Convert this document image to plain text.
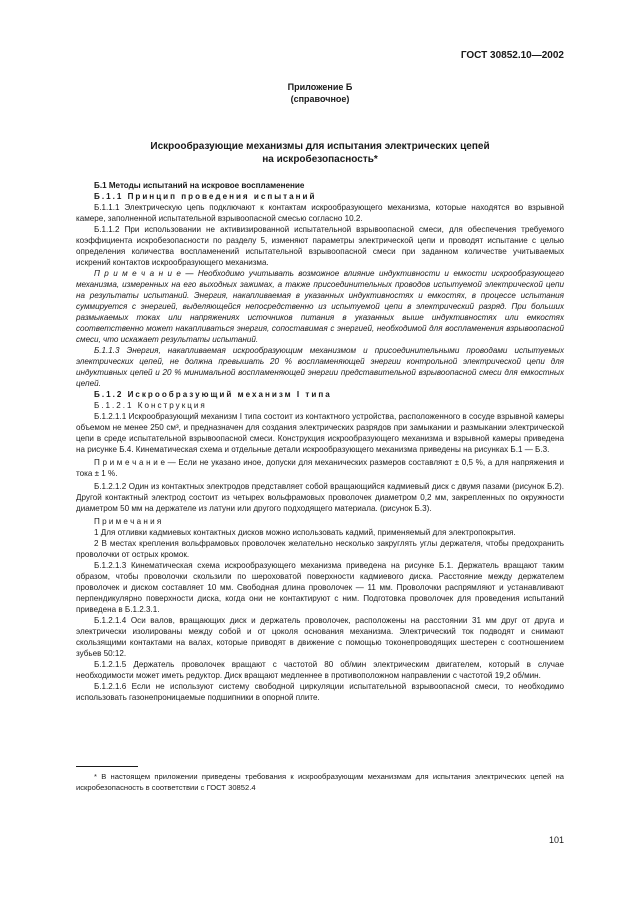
ГОСТ 30852.10—2002
Приложение Б
(справочное)
Искрообразующие механизмы для испытания электрических цепей
на искробезопасность*

Б.1 Методы испытаний на искровое воспламенение

Б.1.1 Принцип проведения испытаний

Б.1.1.1 Электрическую цепь подключают к контактам искрообразующего механизма, которые находятся во взрывной камере, заполненной испытательной взрывоопасной смесью согласно 10.2.

Б.1.1.2 При использовании не активизированной испытательной взрывоопасной смеси, для обеспечения требуемого коэффициента искробезопасности по разделу 5, изменяют параметры электрической цепи и проводят испытание с целью определения количества воспламенений испытательной взрывоопасной смеси при заданном количестве учитываемых искрений контактов искрообразующего механизма.

П р и м е ч а н и е — Необходимо учитывать возможное влияние индуктивности и емкости искрообразующего механизма, измеренных на его выходных зажимах, а также присоединительных проводов испытуемой электрической цепи на результаты испытаний. Энергия, накапливаемая в указанных индуктивностях и емкостях, в процессе испытания суммируется с энергией, выделяющейся непосредственно из испытуемой цепи в электрический разряд. При больших размыкаемых токах или напряжениях источников питания в указанных выше индуктивностях или емкостях соответственно может накапливаться энергия, сопоставимая с энергией, необходимой для воспламенения взрывоопасной смеси, что искажает результаты испытаний.

Б.1.1.3 Энергия, накапливаемая искрообразующим механизмом и присоединительными проводами испытуемых электрических цепей, не должна превышать 20 % воспламеняющей энергии контрольной электрической цепи для индуктивных цепей и 20 % минимальной воспламеняющей энергии представительной взрывоопасной смеси для емкостных цепей.

Б.1.2 Искрообразующий механизм I типа

Б.1.2.1 Конструкция

Б.1.2.1.1 Искрообразующий механизм I типа состоит из контактного устройства, расположенного в сосуде взрывной камеры объемом не менее 250 см³, и предназначен для создания электрических разрядов при замыкании и размыкании электрической цепи в среде испытательной взрывоопасной смеси. Конструкция искрообразующего механизма и взрывной камеры приведена на рисунке Б.4. Кинематическая схема и отдельные детали искрообразующего механизма приведены на рисунках Б.1 — Б.3.

П р и м е ч а н и е — Если не указано иное, допуски для механических размеров составляют ± 0,5 %, а для напряжения и тока ± 1 %.

Б.1.2.1.2 Один из контактных электродов представляет собой вращающийся кадмиевый диск с двумя пазами (рисунок Б.2). Другой контактный электрод состоит из четырех вольфрамовых проволочек диаметром 0,2 мм, закрепленных по окружности диаметром 50 мм на держателе из латуни или другого подходящего материала. (рисунок Б.3).

П р и м е ч а н и я

1 Для отливки кадмиевых контактных дисков можно использовать кадмий, применяемый для электропокрытия.

2 В местах крепления вольфрамовых проволочек желательно несколько закруглять углы держателя, чтобы предохранить проволочки от острых кромок.

Б.1.2.1.3 Кинематическая схема искрообразующего механизма приведена на рисунке Б.1. Держатель вращают таким образом, чтобы проволочки скользили по шероховатой поверхности кадмиевого диска. Расстояние между держателем проволочек и диском составляет 10 мм. Свободная длина проволочек — 11 мм. Проволочки распрямляют и устанавливают перпендикулярно поверхности диска, когда они не контактируют с ним. Подготовка проволочек для проведения испытаний приведена в Б.1.2.3.1.

Б.1.2.1.4 Оси валов, вращающих диск и держатель проволочек, расположены на расстоянии 31 мм друг от друга и электрически изолированы между собой и от цоколя основания механизма. Электрический ток подводят и снимают скользящими контактами на валах, которые приводят в движение с помощью токонепроводящих шестерен с соотношением зубьев 50:12.

Б.1.2.1.5 Держатель проволочек вращают с частотой 80 об/мин электрическим двигателем, который в случае необходимости может иметь редуктор. Диск вращают медленнее в противоположном направлении с частотой 19,2 об/мин.

Б.1.2.1.6 Если не используют систему свободной циркуляции испытательной взрывоопасной смеси, то необходимо использовать газонепроницаемые подшипники в опорной плите.

* В настоящем приложении приведены требования к искрообразующим механизмам для испытания электрических цепей на искробезопасность в соответствии с ГОСТ 30852.4
101
